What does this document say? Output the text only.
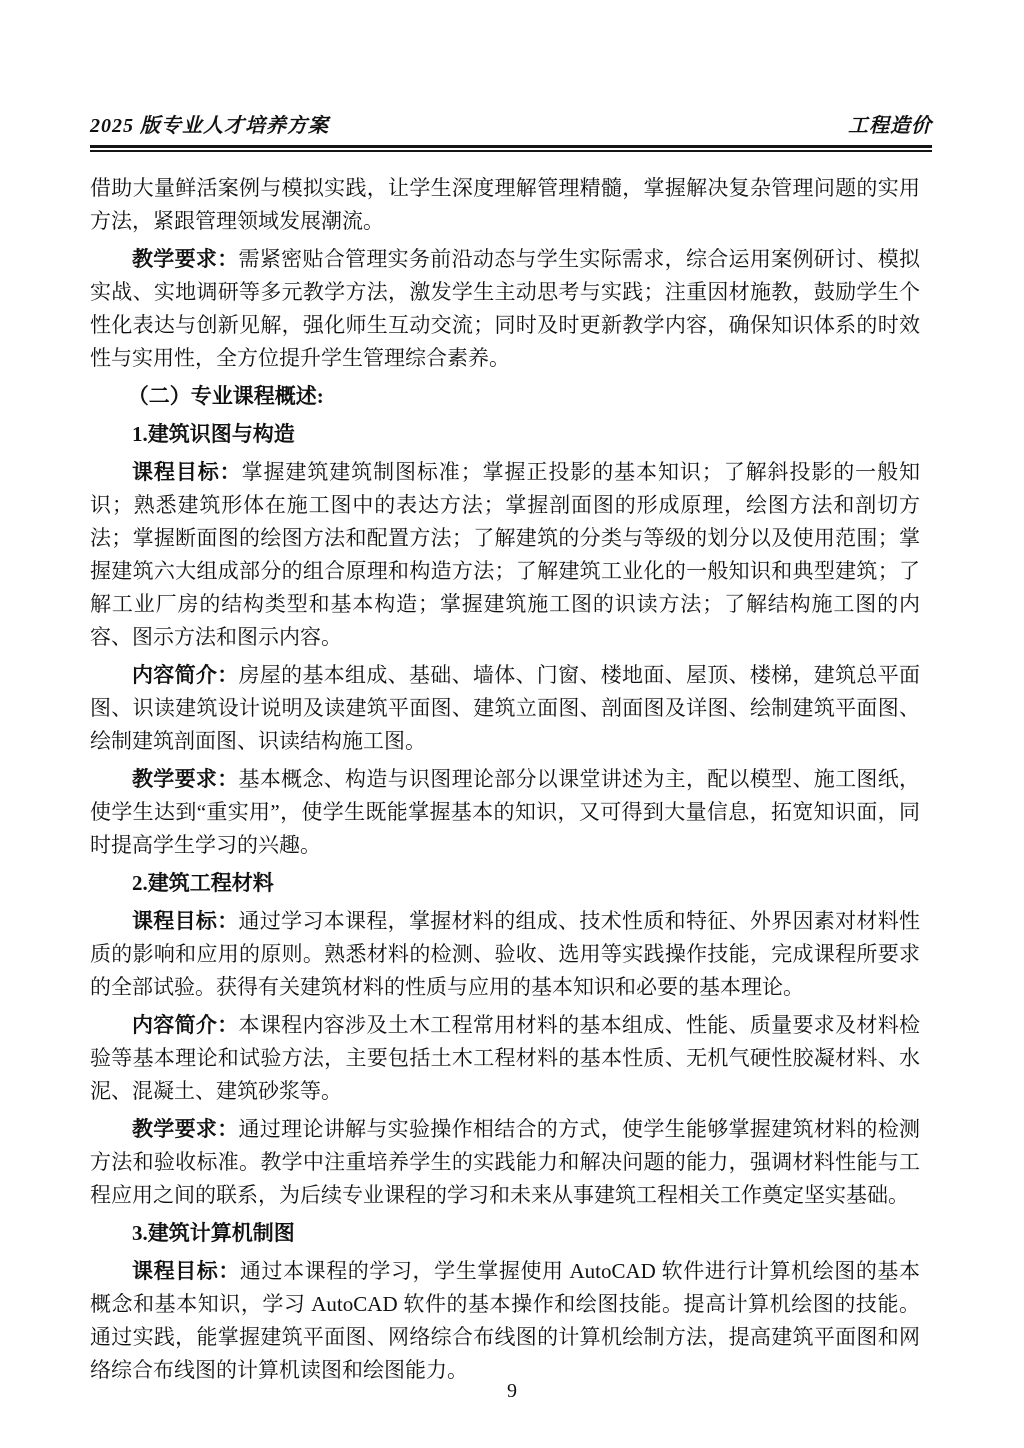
2025 版专业人才培养方案	工程造价

借助大量鲜活案例与模拟实践，让学生深度理解管理精髓，掌握解决复杂管理问题的实用方法，紧跟管理领域发展潮流。

教学要求：需紧密贴合管理实务前沿动态与学生实际需求，综合运用案例研讨、模拟实战、实地调研等多元教学方法，激发学生主动思考与实践；注重因材施教，鼓励学生个性化表达与创新见解，强化师生互动交流；同时及时更新教学内容，确保知识体系的时效性与实用性，全方位提升学生管理综合素养。

（二）专业课程概述:

1.建筑识图与构造

课程目标：掌握建筑建筑制图标准；掌握正投影的基本知识；了解斜投影的一般知识；熟悉建筑形体在施工图中的表达方法；掌握剖面图的形成原理，绘图方法和剖切方法；掌握断面图的绘图方法和配置方法；了解建筑的分类与等级的划分以及使用范围；掌握建筑六大组成部分的组合原理和构造方法；了解建筑工业化的一般知识和典型建筑；了解工业厂房的结构类型和基本构造；掌握建筑施工图的识读方法；了解结构施工图的内容、图示方法和图示内容。

内容简介：房屋的基本组成、基础、墙体、门窗、楼地面、屋顶、楼梯，建筑总平面图、识读建筑设计说明及读建筑平面图、建筑立面图、剖面图及详图、绘制建筑平面图、绘制建筑剖面图、识读结构施工图。

教学要求：基本概念、构造与识图理论部分以课堂讲述为主，配以模型、施工图纸，使学生达到“重实用”，使学生既能掌握基本的知识，又可得到大量信息，拓宽知识面，同时提高学生学习的兴趣。

2.建筑工程材料

课程目标：通过学习本课程，掌握材料的组成、技术性质和特征、外界因素对材料性质的影响和应用的原则。熟悉材料的检测、验收、选用等实践操作技能，完成课程所要求的全部试验。获得有关建筑材料的性质与应用的基本知识和必要的基本理论。

内容简介：本课程内容涉及土木工程常用材料的基本组成、性能、质量要求及材料检验等基本理论和试验方法，主要包括土木工程材料的基本性质、无机气硬性胶凝材料、水泥、混凝土、建筑砂浆等。

教学要求：通过理论讲解与实验操作相结合的方式，使学生能够掌握建筑材料的检测方法和验收标准。教学中注重培养学生的实践能力和解决问题的能力，强调材料性能与工程应用之间的联系，为后续专业课程的学习和未来从事建筑工程相关工作奠定坚实基础。

3.建筑计算机制图

课程目标：通过本课程的学习，学生掌握使用 AutoCAD 软件进行计算机绘图的基本概念和基本知识，学习 AutoCAD 软件的基本操作和绘图技能。提高计算机绘图的技能。通过实践，能掌握建筑平面图、网络综合布线图的计算机绘制方法，提高建筑平面图和网络综合布线图的计算机读图和绘图能力。

9
